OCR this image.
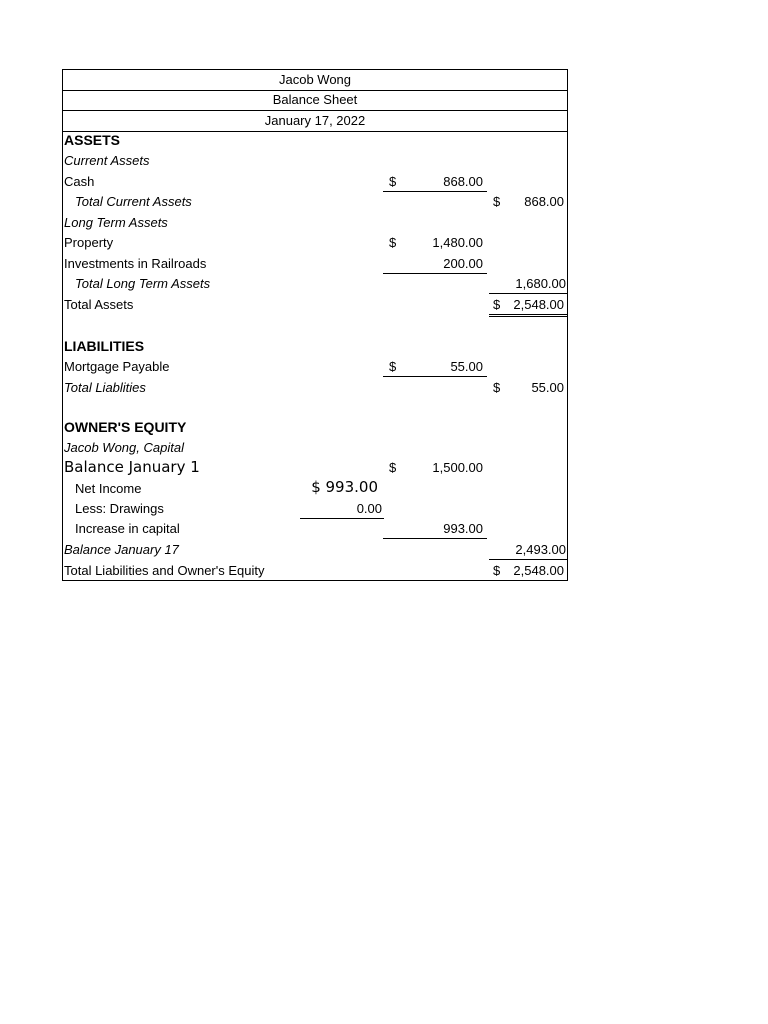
Jacob Wong
Balance Sheet
January 17, 2022
ASSETS
Current Assets
Cash	$	868.00
Total Current Assets	$	868.00
Long Term Assets
Property	$	1,480.00
Investments in Railroads	200.00
Total Long Term Assets	1,680.00
Total Assets	$	2,548.00
LIABILITIES
Mortgage Payable	$	55.00
Total Liablities	$	55.00
OWNER'S EQUITY
Jacob Wong, Capital
Balance January 1	$	1,500.00
Net Income	$ 993.00
Less: Drawings	0.00
Increase in capital	993.00
Balance January 17	2,493.00
Total Liabilities and Owner's Equity	$	2,548.00
